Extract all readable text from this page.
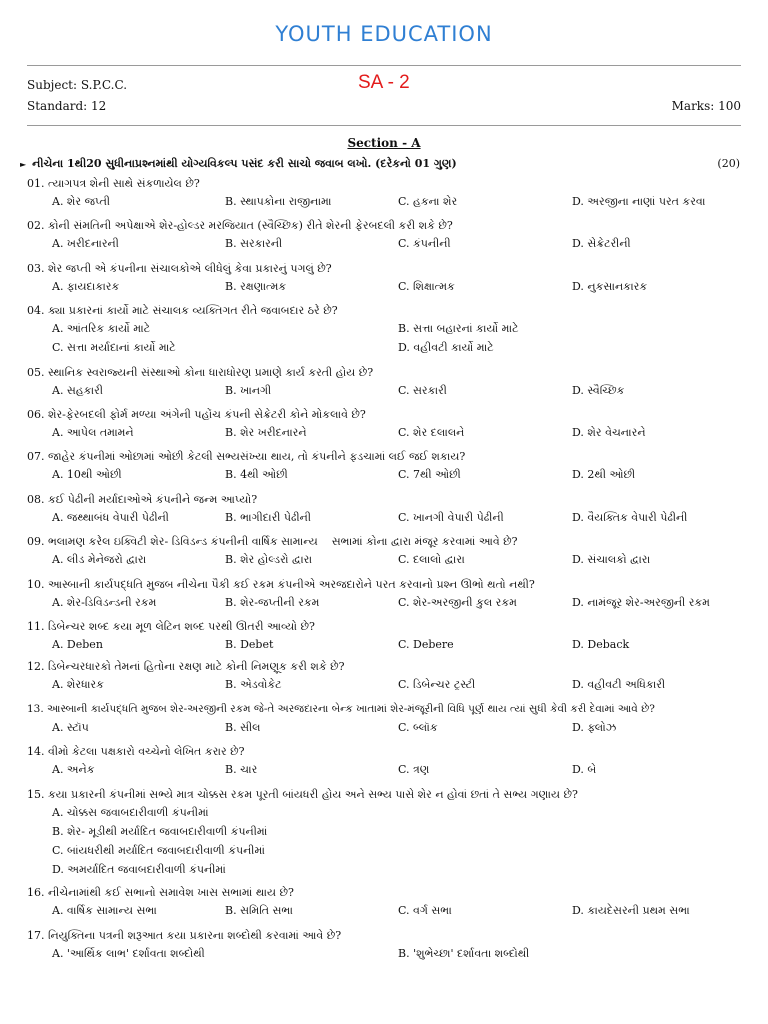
YOUTH EDUCATION
Subject: S.P.C.C.	SA - 2
Standard: 12	Marks: 100
Section - A
► નીચેના 1થી20 સુધીનાપ્રશ્નમાંથી યોગ્યવિકલ્પ પસંદ કરી સાચો જવાબ લખો. (દરેકનો 01 ગુણ)	(20)
01. ત્યાગપત્ર શેની સાથે સંકળાયેલ છે?
A. શેર જપ્તી	B. સ્થાપકોના રાજીનામા	C. હકના શેર	D. અરજીના નાણાં પરત કરવા
02. કોની સંમતિની અપેક્ષાએ શેર-હોલ્ડર મરજિયાત (સ્વૈચ્છિક) રીતે શેરની ફેરબદલી કરી શકે છે?
A. ખરીદનારની	B. સરકારની	C. કંપનીની	D. સેક્રેટરીની
03. શેર જપ્તી એ કંપનીના સંચાલકોએ લીધેલું કેવા પ્રકારનું પગલું છે?
A. ફાયદાકારક	B. રક્ષણાત્મક	C. શિક્ષાત્મક	D. નુકસાનકારક
04. ક્યા પ્રકારનાં કાર્યો માટે સંચાલક વ્યક્તિગત રીતે જવાબદાર ઠરે છે?
A. આંતરિક કાર્યો માટે	B. સત્તા બહારનાં કાર્યો માટે
C. સત્તા મર્યાદાનાં કાર્યો માટે	D. વહીવટી કાર્યો માટે
05. સ્થાનિક સ્વરાજ્યની સંસ્થાઓ કોના ધારાધોરણ પ્રમાણે કાર્ય કરતી હોય છે?
A. સહકારી	B. ખાનગી	C. સરકારી	D. સ્વૈચ્છિક
06. શેર-ફેરબદલી ફોર્મ મળ્યા અંગેની પહોંચ કંપની સેક્રેટરી કોને મોકલાવે છે?
A. આપેલ તમામને	B. શેર ખરીદનારને	C. શેર દલાલને	D. શેર વેચનારને
07. જાહેર કંપનીમાં ઓછામાં ઓછી કેટલી સભ્યસંખ્યા થાય, તો કંપનીને ફડચામાં લઈ જઈ શકાય?
A. 10થી ઓછી	B. 4થી ઓછી	C. 7થી ઓછી	D. 2થી ઓછી
08. કઈ પેઢીની મર્યાદાઓએ કંપનીને જન્મ આપ્યો?
A. જથ્થાબંધ વેપારી પેઢીની	B. ભાગીદારી પેઢીની	C. ખાનગી વેપારી પેઢીની	D. વૈયક્તિક વેપારી પેઢીની
09. ભલામણ કરેલ ઇક્વિટી શેર- ડિવિડન્ડ કંપનીની વાર્ષિક સામાન્ય    સભામાં કોના દ્વારા મંજૂર કરવામાં આવે છે?
A. લીડ મેનેજરો દ્વારા	B. શેર હોલ્ડરો દ્વારા	C. દલાલો દ્વારા	D. સંચાલકો દ્વારા
10. આસ્બાની કાર્યપદ્ધતિ મુજબ નીચેના પૈકી કઈ રકમ કંપનીએ અરજદારોને પરત કરવાનો પ્રશ્ન ઊભો થતો નથી?
A. શેર-ડિવિડન્ડની રકમ	B. શેર-જપ્તીની રકમ	C. શેર-અરજીની કુલ રકમ	D. નામંજૂર શેર-અરજીની રકમ
11. ડિબેન્ચર શબ્દ કયા મૂળ લેટિન શબ્દ પરથી ઊતરી આવ્યો છે?
A. Deben	B. Debet	C. Debere	D. Deback
12. ડિબેન્ચરધારકો તેમનાં હિતોના રક્ષણ માટે કોની નિમણૂક કરી શકે છે?
A. શેરધારક	B. એડવોકેટ	C. ડિબેન્ચર ટ્રસ્ટી	D. વહીવટી અધિકારી
13. આસ્બાની કાર્યપદ્ધતિ મુજબ શેર-અરજીની રકમ જે-તે અરજદારના બેન્ક ખાતામાં શેર-મંજૂરીની વિધિ પૂર્ણ થાય ત્યાં સુધી કેવી કરી દેવામાં આવે છે?
A. સ્ટૉપ	B. સીલ	C. બ્લૉક	D. ફ્લોઝ
14. વીમો કેટલા પક્ષકારો વચ્ચેનો લેખિત કરાર છે?
A. અનેક	B. ચાર	C. ત્રણ	D. બે
15. કયા પ્રકારની કંપનીમાં સભ્યે માત્ર ચોક્કસ રકમ પૂરતી બાંયધરી હોય અને સભ્ય પાસે શેર ન હોવાં છતાં તે સભ્ય ગણાય છે?
A. ચોક્કસ જવાબદારીવાળી કંપનીમાં
B. શેર- મૂડીથી મર્યાદિત જવાબદારીવાળી કંપનીમાં
C. બાંયધરીથી મર્યાદિત જવાબદારીવાળી કંપનીમાં
D. અમર્યાદિત જવાબદારીવાળી કંપનીમાં
16. નીચેનામાંથી કઈ સભાનો સમાવેશ ખાસ સભામાં થાય છે?
A. વાર્ષિક સામાન્ય સભા	B. સમિતિ સભા	C. વર્ગ સભા	D. કાયદેસરની પ્રથમ સભા
17. નિયુક્તિના પત્રની શરૂઆત કયા પ્રકારના શબ્દોથી કરવામાં આવે છે?
A. 'આર્થિક લાભ' દર્શાવતા શબ્દોથી	B. 'શુભેચ્છા' દર્શાવતા શબ્દોથી
